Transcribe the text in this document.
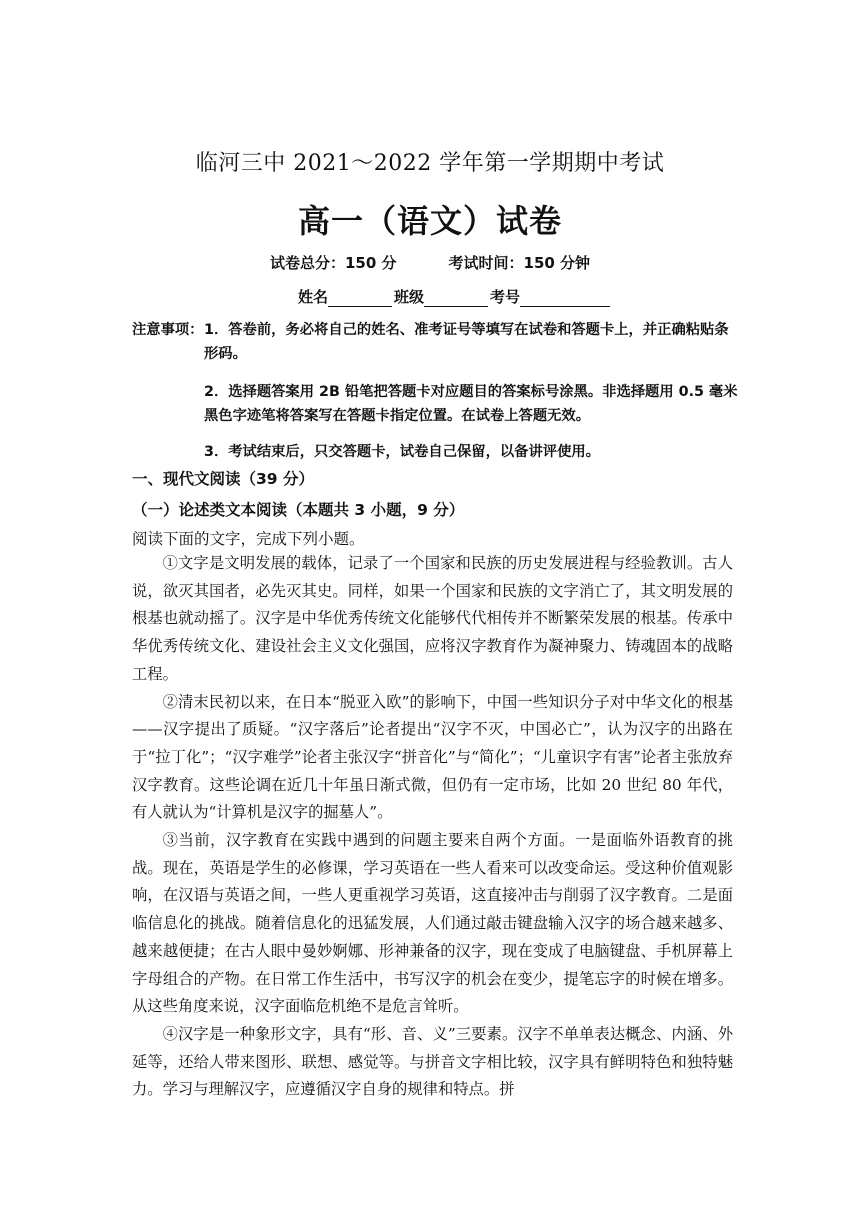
临河三中 2021～2022 学年第一学期期中考试
高一（语文）试卷
试卷总分：150 分	考试时间：150 分钟
姓名	班级	考号
注意事项： 1．答卷前，务必将自己的姓名、准考证号等填写在试卷和答题卡上，并正确粘贴条形码。
2．选择题答案用 2B 铅笔把答题卡对应题目的答案标号涂黑。非选择题用 0.5 毫米黑色字迹笔将答案写在答题卡指定位置。在试卷上答题无效。
3．考试结束后，只交答题卡，试卷自己保留，以备讲评使用。
一、现代文阅读（39 分）
（一）论述类文本阅读（本题共 3 小题，9 分）
阅读下面的文字，完成下列小题。

①文字是文明发展的载体，记录了一个国家和民族的历史发展进程与经验教训。古人说，欲灭其国者，必先灭其史。同样，如果一个国家和民族的文字消亡了，其文明发展的根基也就动摇了。汉字是中华优秀传统文化能够代代相传并不断繁荣发展的根基。传承中华优秀传统文化、建设社会主义文化强国，应将汉字教育作为凝神聚力、铸魂固本的战略工程。

②清末民初以来，在日本“脱亚入欧”的影响下，中国一些知识分子对中华文化的根基——汉字提出了质疑。“汉字落后”论者提出“汉字不灭，中国必亡”，认为汉字的出路在于“拉丁化”；“汉字难学”论者主张汉字“拼音化”与“简化”；“儿童识字有害”论者主张放弃汉字教育。这些论调在近几十年虽日渐式微，但仍有一定市场，比如 20 世纪 80 年代，有人就认为“计算机是汉字的掘墓人”。

③当前，汉字教育在实践中遇到的问题主要来自两个方面。一是面临外语教育的挑战。现在，英语是学生的必修课，学习英语在一些人看来可以改变命运。受这种价值观影响，在汉语与英语之间，一些人更重视学习英语，这直接冲击与削弱了汉字教育。二是面临信息化的挑战。随着信息化的迅猛发展，人们通过敲击键盘输入汉字的场合越来越多、越来越便捷；在古人眼中曼妙婀娜、形神兼备的汉字，现在变成了电脑键盘、手机屏幕上字母组合的产物。在日常工作生活中，书写汉字的机会在变少，提笔忘字的时候在增多。从这些角度来说，汉字面临危机绝不是危言耸听。

④汉字是一种象形文字，具有“形、音、义”三要素。汉字不单单表达概念、内涵、外延等，还给人带来图形、联想、感觉等。与拼音文字相比较，汉字具有鲜明特色和独特魅力。学习与理解汉字，应遵循汉字自身的规律和特点。拼
